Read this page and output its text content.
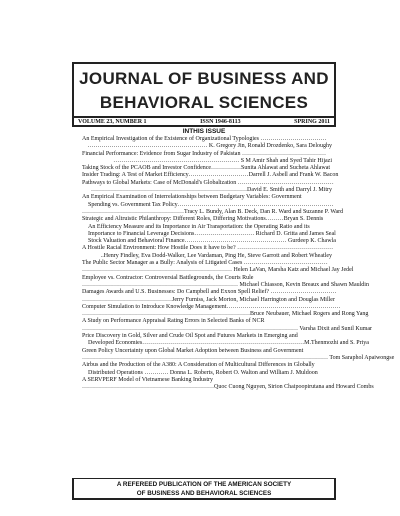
JOURNAL OF BUSINESS AND
BEHAVIORAL SCIENCES
VOLUME 23, NUMBER 1	ISSN 1946-8113	SPRING 2011
INTHIS ISSUE
An Empirical Investigation of the Existence of Organizational Typologies ……………………………
…………………………………………………… K. Gregory Jin, Ronald Drozdenko, Sara Deloughy
Financial Performance: Evidence from Sugar Industry of Pakistan ……………………………………
……………………………………………………… S M Amir Shah and Syed Tahir Hijazi
Taking Stock of the PCAOB and Investor Confidence……………Sunita Ahlawat and Sucheta Ahlawat
Insider Trading: A Test of Market Efficiency…………………………Darrell J. Asbell and Frank W. Bacon
Pathways to Global Markets: Case of McDonald's Globalization …………………………………………
……………………………………………………………………David E. Smith and Darryl J. Mitry
An Empirical Examination of Interrelationships between Budgetary Variables: Government
Spending vs. Government Tax Policy……………………………………………………………………
……………………………………………Tracy L. Bundy, Alan B. Deck, Dan R. Ward and Suzanne P. Ward
Strategic and Altruistic Philanthropy: Different Roles, Differing Motivations………Bryan S. Dennis
An Efficiency Measure and its Importance in Air Transportation: the Operating Ratio and its
Importance to Financial Leverage Decisions………………………… Richard D. Gritta and James Seal
Stock Valuation and Behavioral Finance…………………………………………… Gurdeep K. Chawla
A Hostile Racial Environment: How Hostile Does it have to be? …………………………………………
..Henry Findley, Eva Dodd-Walker, Lee Vardaman, Ping He, Steve Garrott and Robert Wheatley
The Public Sector Manager as a Bully: Analysis of Litigated Cases ……………………………………
………………………………………………………………… Helen LaVan, Marsha Katz and Michael Jay Jedel
Employee vs. Contractor: Controversial Battlegrounds, the Courts Rule
…………………………………………………………………… Michael Chiasson, Kevin Breaux and Shawn Mauldin
Damages Awards and U.S. Businesses: Do Campbell and Exxon Spell Relief? ……………………………
………………………………………Jerry Furniss, Jack Morton, Michael Harrington and Douglas Miller
Computer Simulation to Introduce Knowledge Management…………………………………………………
…………………………………………………………………………Bruce Neubauer, Michael Rogers and Rong Yang
A Study on Performance Appraisal Rating Errors in Selected Banks of NCR
……………………………………………………………………………………………… Varsha Dixit and Sunil Kumar
Price Discovery in Gold, Silver and Crude Oil Spot and Futures Markets in Emerging and
Developed Economies………………………………………………………………………M.Thenmozhi and S. Priya
Green Policy Uncertainty upon Global Market Adoption between Business and Government
…………………………………………………………………………………………………………… Tom Saraphol Apaiwongse
Airbus and the Production of the A380: A Consideration of Multicultural Differences in Globally
Distributed Operations ………… Donna L. Roberts, Robert O. Walton and William J. Muldoon
A SERVPERF Model of Vietnamese Banking Industry
…………………………………………………………Quoc Cuong Nguyen, Sirion Chaipoopirutana and Howard Combs
A REFEREED PUBLICATION OF THE AMERICAN SOCIETY
OF BUSINESS AND BEHAVIORAL SCIENCES
